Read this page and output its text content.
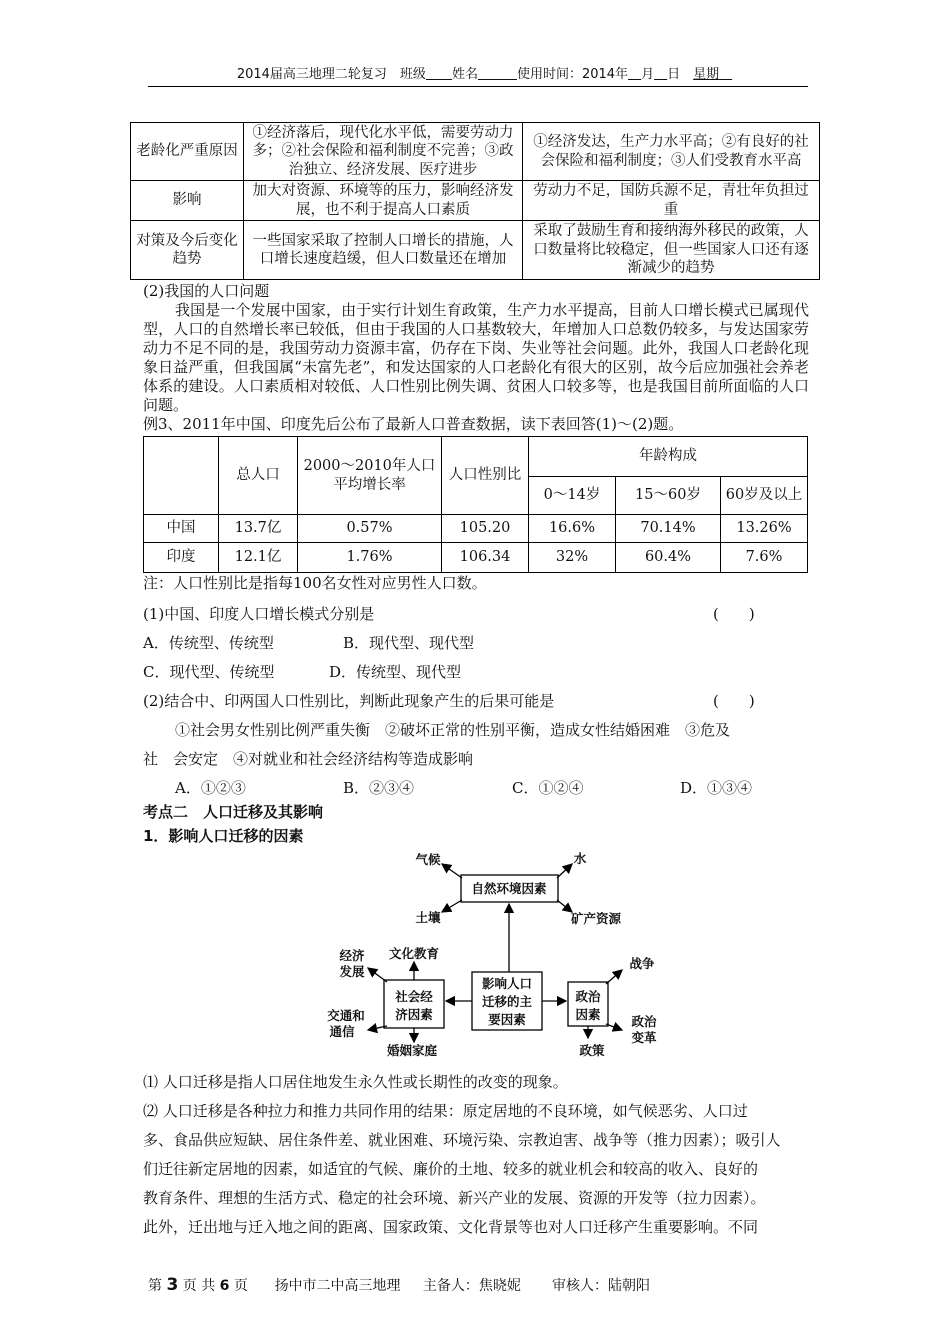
2014届高三地理二轮复习　班级　　 姓名　　　	使用时间：2014年　 月　 日　 星期　
老龄化严重原因	①经济落后，现代化水平低，需要劳动力多；②社会保险和福利制度不完善；③政治独立、经济发展、医疗进步	①经济发达，生产力水平高；②有良好的社会保险和福利制度；③人们受教育水平高
影响	加大对资源、环境等的压力，影响经济发展，也不利于提高人口素质	劳动力不足，国防兵源不足，青壮年负担过重
对策及今后变化趋势	一些国家采取了控制人口增长的措施，人口增长速度趋缓，但人口数量还在增加	采取了鼓励生育和接纳海外移民的政策，人口数量将比较稳定，但一些国家人口还有逐渐减少的趋势
(2)我国的人口问题
我国是一个发展中国家，由于实行计划生育政策，生产力水平提高，目前人口增长模式已属现代型，人口的自然增长率已较低，但由于我国的人口基数较大，年增加人口总数仍较多，与发达国家劳动力不足不同的是，我国劳动力资源丰富，仍存在下岗、失业等社会问题。此外，我国人口老龄化现象日益严重，但我国属“未富先老”，和发达国家的人口老龄化有很大的区别，故今后应加强社会养老体系的建设。人口素质相对较低、人口性别比例失调、贫困人口较多等，也是我国目前所面临的人口问题。
例3、2011年中国、印度先后公布了最新人口普查数据，读下表回答(1)～(2)题。
	总人口	2000～2010年人口平均增长率	人口性别比	年龄构成		
				0～14岁	15～60岁	60岁及以上
中国	13.7亿	0.57%	105.20	16.6%	70.14%	13.26%
印度	12.1亿	1.76%	106.34	32%	60.4%	7.6%
注：人口性别比是指每100名女性对应男性人口数。
(1)中国、印度人口增长模式分别是	(　　)
A．传统型、传统型	B．现代型、现代型
C．现代型、传统型	D．传统型、现代型
(2)结合中、印两国人口性别比，判断此现象产生的后果可能是	(　　)
①社会男女性别比例严重失衡　②破坏正常的性别平衡，造成女性结婚困难　③危及
社　会安定　④对就业和社会经济结构等造成影响
A．①②③	B．②③④	C．①②④	D．①③④
考点二　人口迁移及其影响
1．影响人口迁移的因素
自然环境因素
气候	水
土壤	矿产资源
影响人口
迁移的主
要因素
社会经
济因素
政治
因素
文化教育
经济
发展
交通和
通信
婚姻家庭
战争
政治
变革
政策
⑴ 人口迁移是指人口居住地发生永久性或长期性的改变的现象。
⑵ 人口迁移是各种拉力和推力共同作用的结果：原定居地的不良环境，如气候恶劣、人口过
多、食品供应短缺、居住条件差、就业困难、环境污染、宗教迫害、战争等（推力因素）；吸引人
们迁往新定居地的因素，如适宜的气候、廉价的土地、较多的就业机会和较高的收入、良好的
教育条件、理想的生活方式、稳定的社会环境、新兴产业的发展、资源的开发等（拉力因素）。
此外，迁出地与迁入地之间的距离、国家政策、文化背景等也对人口迁移产生重要影响。不同
第 3 页 共 6 页 扬中市二中高三地理 主备人：焦晓妮 审核人：陆朝阳
